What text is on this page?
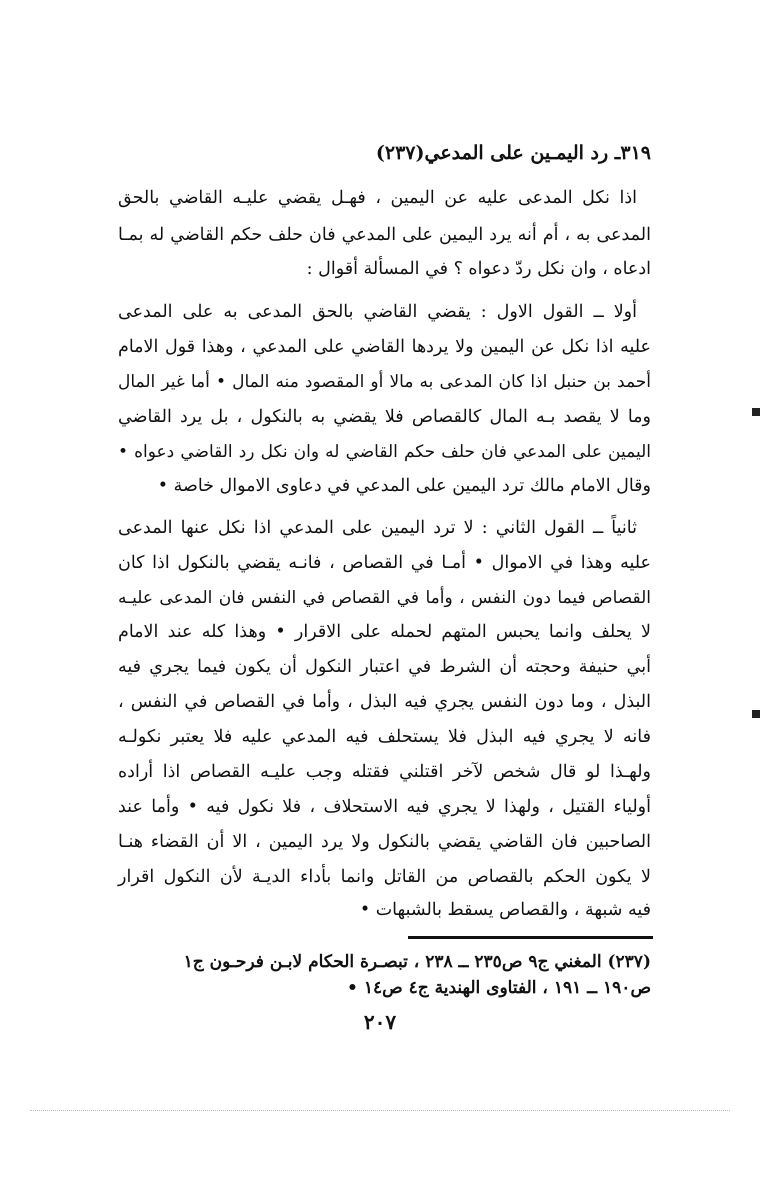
٣١٩ـ رد اليمـين على المدعي(٢٣٧)
اذا نكل المدعى عليه عن اليمين ، فهـل يقضي عليـه القاضي بالحق
المدعى به ، أم أنه يرد اليمين على المدعي فان حلف حكم القاضي له بمـا
ادعاه ، وان نكل ردّ دعواه ؟ في المسألة أقوال :
أولا ــ القول الاول : يقضي القاضي بالحق المدعى به على المدعى
عليه اذا نكل عن اليمين ولا يردها القاضي على المدعي ، وهذا قول الامام
أحمد بن حنبل اذا كان المدعى به مالا أو المقصود منه المال • أما غير المال
وما لا يقصد بـه المال كالقصاص فلا يقضي به بالنكول ، بل يرد القاضي
اليمين على المدعي فان حلف حكم القاضي له وان نكل رد القاضي دعواه •
وقال الامام مالك ترد اليمين على المدعي في دعاوى الاموال خاصة •
ثانياً ــ القول الثاني : لا ترد اليمين على المدعي اذا نكل عنها المدعى
عليه وهذا في الاموال • أمـا في القصاص ، فانـه يقضي بالنكول اذا كان
القصاص فيما دون النفس ، وأما في القصاص في النفس فان المدعى عليـه
لا يحلف وانما يحبس المتهم لحمله على الاقرار • وهذا كله عند الامام
أبي حنيفة وحجته أن الشرط في اعتبار النكول أن يكون فيما يجري فيه
البذل ، وما دون النفس يجري فيه البذل ، وأما في القصاص في النفس ،
فانه لا يجري فيه البذل فلا يستحلف فيه المدعي عليه فلا يعتبر نكولـه
ولهـذا لو قال شخص لآخر اقتلني فقتله وجب عليـه القصاص اذا أراده
أولياء القتيل ، ولهذا لا يجري فيه الاستحلاف ، فلا نكول فيه • وأما عند
الصاحبين فان القاضي يقضي بالنكول ولا يرد اليمين ، الا أن القضاء هنـا
لا يكون الحكم بالقصاص من القاتل وانما بأداء الديـة لأن النكول اقرار
فيه شبهة ، والقصاص يسقط بالشبهات •
(٢٣٧) المغني ج٩ ص٢٣٥ ــ ٢٣٨ ، تبصـرة الحكام لابـن فرحـون ج١
ص١٩٠ ــ ١٩١ ، الفتاوى الهندية ج٤ ص١٤ •
٢٠٧
